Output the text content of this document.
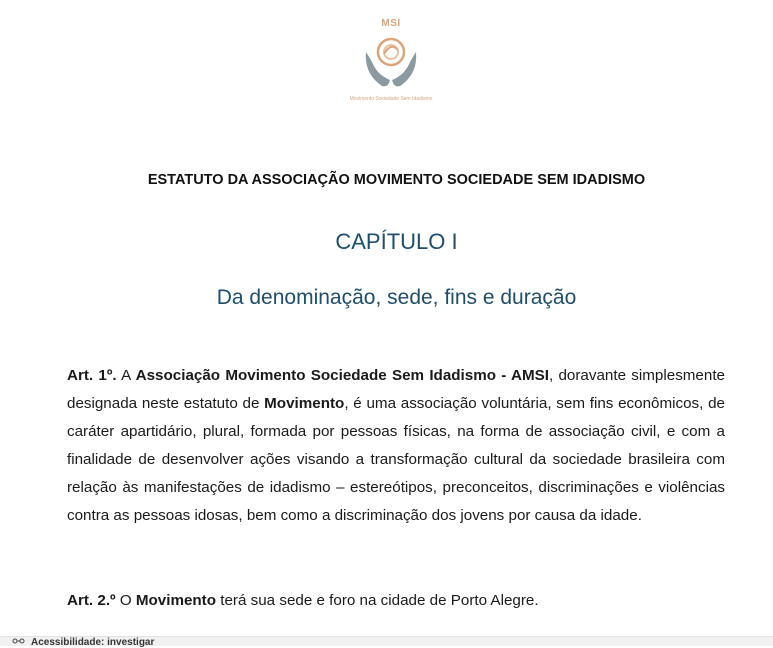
MSI
Movimento Sociedade Sem Idadismo
ESTATUTO DA ASSOCIAÇÃO MOVIMENTO SOCIEDADE SEM IDADISMO
CAPÍTULO I
Da denominação, sede, fins e duração

Art. 1º. A Associação Movimento Sociedade Sem Idadismo - AMSI, doravante simplesmente designada neste estatuto de Movimento, é uma associação voluntária, sem fins econômicos, de caráter apartidário, plural, formada por pessoas físicas, na forma de associação civil, e com a finalidade de desenvolver ações visando a transformação cultural da sociedade brasileira com relação às manifestações de idadismo – estereótipos, preconceitos, discriminações e violências contra as pessoas idosas, bem como a discriminação dos jovens por causa da idade.

Art. 2.º O Movimento terá sua sede e foro na cidade de Porto Alegre.

Acessibilidade: investigar
